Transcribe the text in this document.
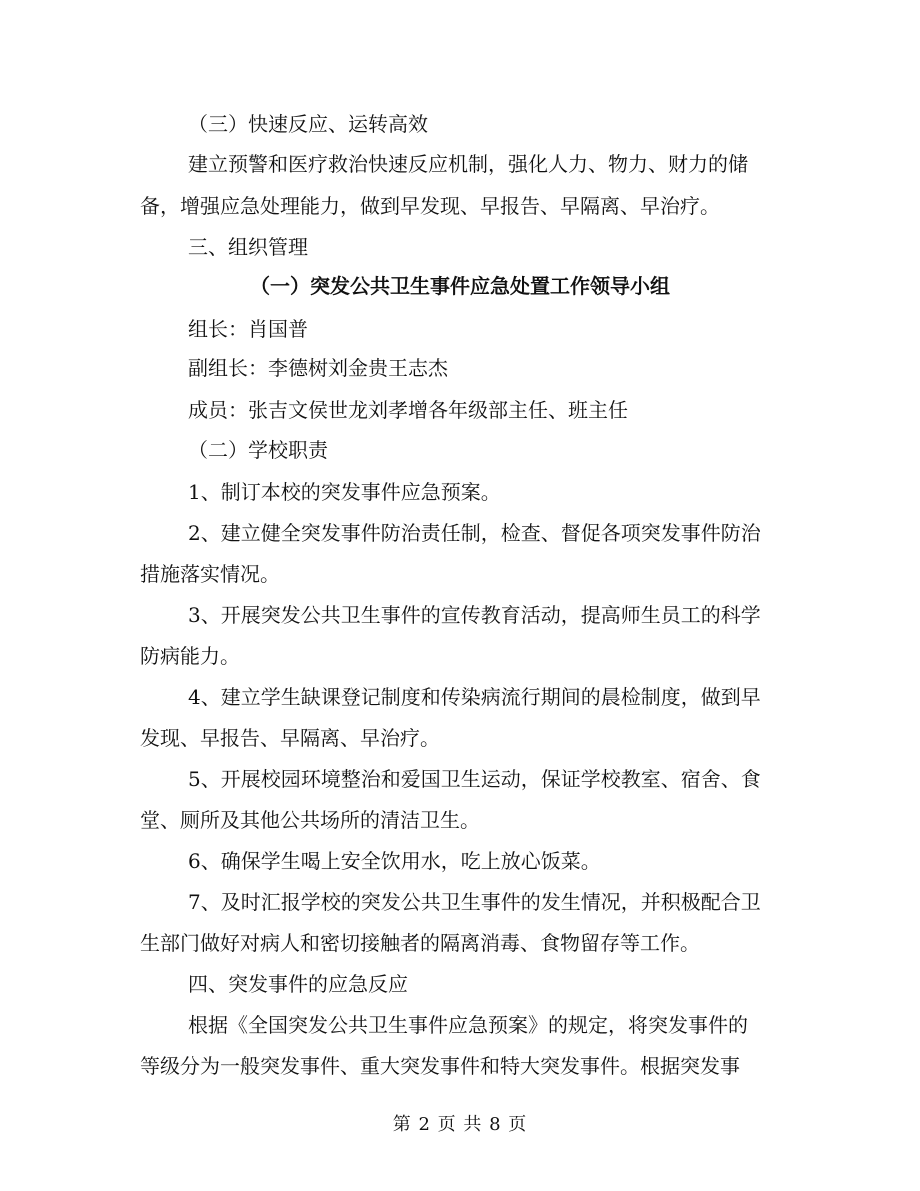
（三）快速反应、运转高效
建立预警和医疗救治快速反应机制，强化人力、物力、财力的储
备，增强应急处理能力，做到早发现、早报告、早隔离、早治疗。
三、组织管理
（一）突发公共卫生事件应急处置工作领导小组
组长：肖国普
副组长：李德树刘金贵王志杰
成员：张吉文侯世龙刘孝增各年级部主任、班主任
（二）学校职责
1、制订本校的突发事件应急预案。
2、建立健全突发事件防治责任制，检查、督促各项突发事件防治
措施落实情况。
3、开展突发公共卫生事件的宣传教育活动，提高师生员工的科学
防病能力。
4、建立学生缺课登记制度和传染病流行期间的晨检制度，做到早
发现、早报告、早隔离、早治疗。
5、开展校园环境整治和爱国卫生运动，保证学校教室、宿舍、食
堂、厕所及其他公共场所的清洁卫生。
6、确保学生喝上安全饮用水，吃上放心饭菜。
7、及时汇报学校的突发公共卫生事件的发生情况，并积极配合卫
生部门做好对病人和密切接触者的隔离消毒、食物留存等工作。
四、突发事件的应急反应
根据《全国突发公共卫生事件应急预案》的规定，将突发事件的
等级分为一般突发事件、重大突发事件和特大突发事件。根据突发事
第 2 页 共 8 页
